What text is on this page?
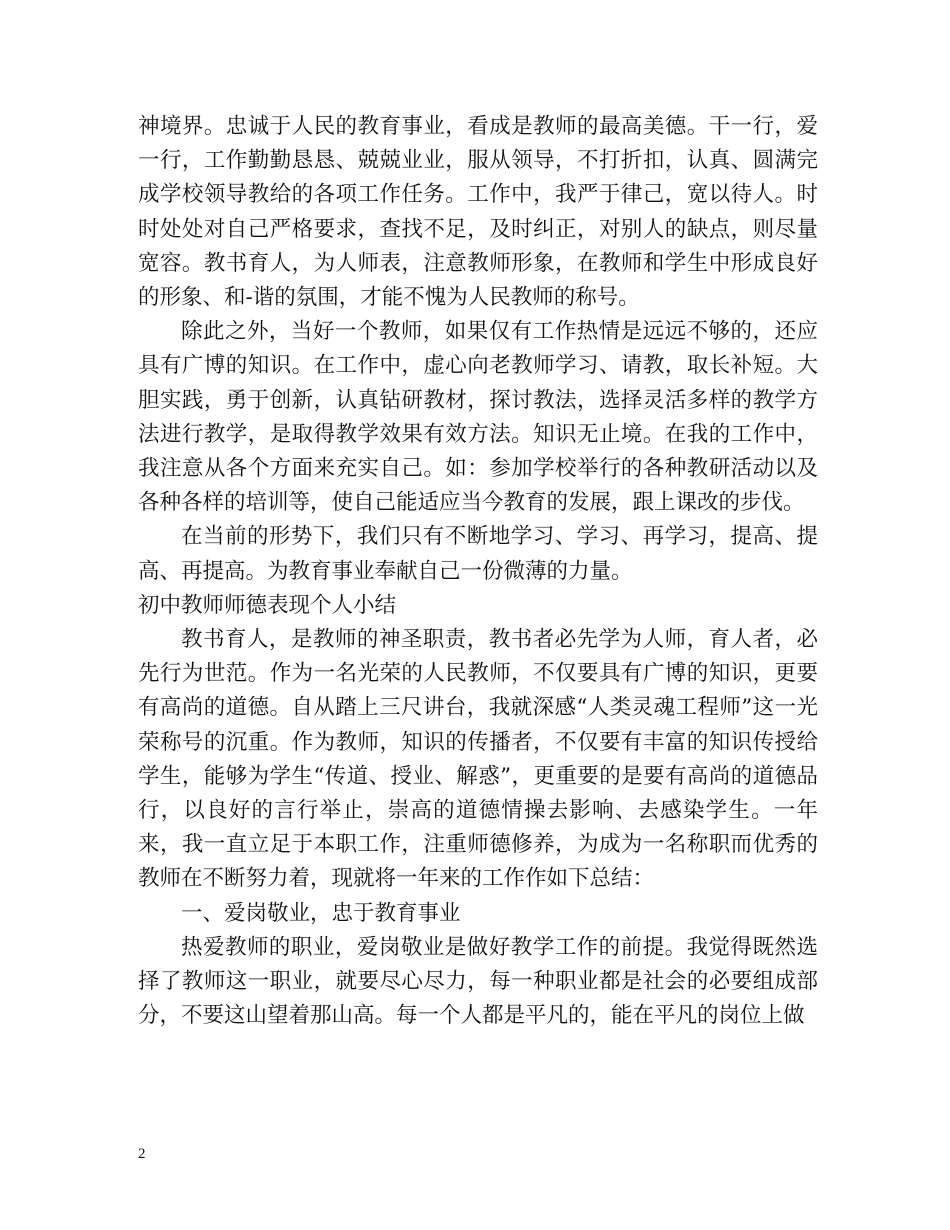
神境界。忠诚于人民的教育事业，看成是教师的最高美德。干一行，爱一行，工作勤勤恳恳、兢兢业业，服从领导，不打折扣，认真、圆满完成学校领导教给的各项工作任务。工作中，我严于律己，宽以待人。时时处处对自己严格要求，查找不足，及时纠正，对别人的缺点，则尽量宽容。教书育人，为人师表，注意教师形象，在教师和学生中形成良好的形象、和-谐的氛围，才能不愧为人民教师的称号。

除此之外，当好一个教师，如果仅有工作热情是远远不够的，还应具有广博的知识。在工作中，虚心向老教师学习、请教，取长补短。大胆实践，勇于创新，认真钻研教材，探讨教法，选择灵活多样的教学方法进行教学，是取得教学效果有效方法。知识无止境。在我的工作中，我注意从各个方面来充实自己。如：参加学校举行的各种教研活动以及各种各样的培训等，使自己能适应当今教育的发展，跟上课改的步伐。

在当前的形势下，我们只有不断地学习、学习、再学习，提高、提高、再提高。为教育事业奉献自己一份微薄的力量。

初中教师师德表现个人小结

教书育人，是教师的神圣职责，教书者必先学为人师，育人者，必先行为世范。作为一名光荣的人民教师，不仅要具有广博的知识，更要有高尚的道德。自从踏上三尺讲台，我就深感“人类灵魂工程师”这一光荣称号的沉重。作为教师，知识的传播者，不仅要有丰富的知识传授给学生，能够为学生“传道、授业、解惑”，更重要的是要有高尚的道德品行，以良好的言行举止，崇高的道德情操去影响、去感染学生。一年来，我一直立足于本职工作，注重师德修养，为成为一名称职而优秀的教师在不断努力着，现就将一年来的工作作如下总结：

一、爱岗敬业，忠于教育事业

热爱教师的职业，爱岗敬业是做好教学工作的前提。我觉得既然选择了教师这一职业，就要尽心尽力，每一种职业都是社会的必要组成部分，不要这山望着那山高。每一个人都是平凡的，能在平凡的岗位上做

2
